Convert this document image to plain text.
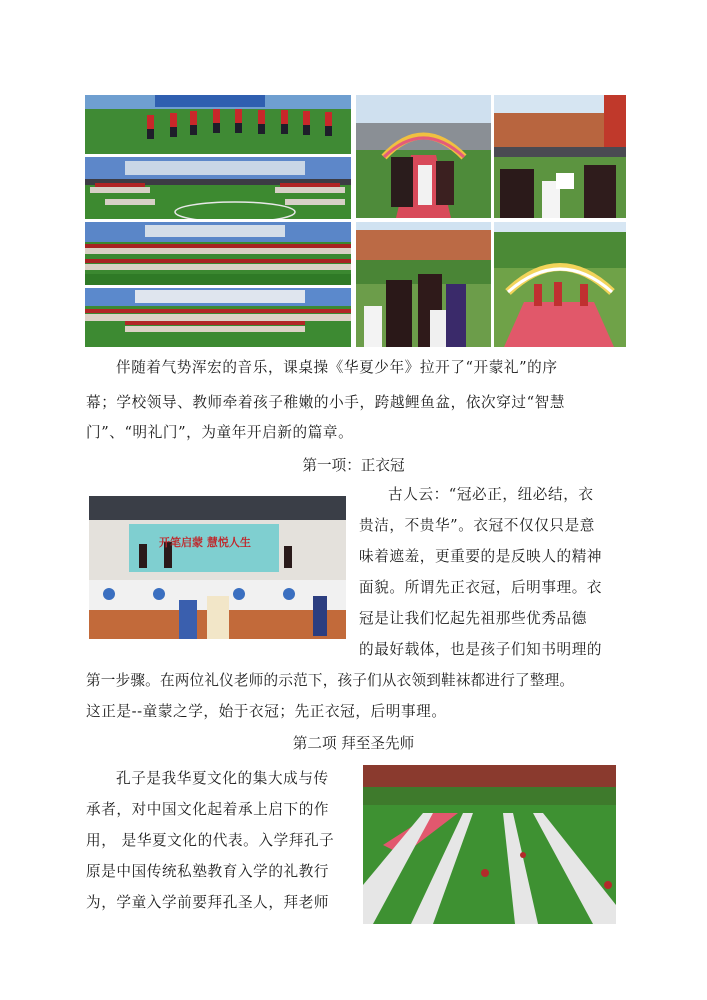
伴随着气势浑宏的音乐，课桌操《华夏少年》拉开了“开蒙礼”的序
幕；学校领导、教师牵着孩子稚嫩的小手，跨越鲤鱼盆，依次穿过“智慧
门”、“明礼门”，为童年开启新的篇章。
第一项：正衣冠
开笔启蒙 慧悦人生
古人云：“冠必正，纽必结，衣
贵洁，不贵华”。衣冠不仅仅只是意
味着遮羞，更重要的是反映人的精神
面貌。所谓先正衣冠，后明事理。衣
冠是让我们忆起先祖那些优秀品德
的最好载体，也是孩子们知书明理的
第一步骤。在两位礼仪老师的示范下，孩子们从衣领到鞋袜都进行了整理。
这正是--童蒙之学，始于衣冠；先正衣冠，后明事理。
第二项 拜至圣先师
孔子是我华夏文化的集大成与传
承者，对中国文化起着承上启下的作
用， 是华夏文化的代表。入学拜孔子
原是中国传统私塾教育入学的礼教行
为，学童入学前要拜孔圣人，拜老师
